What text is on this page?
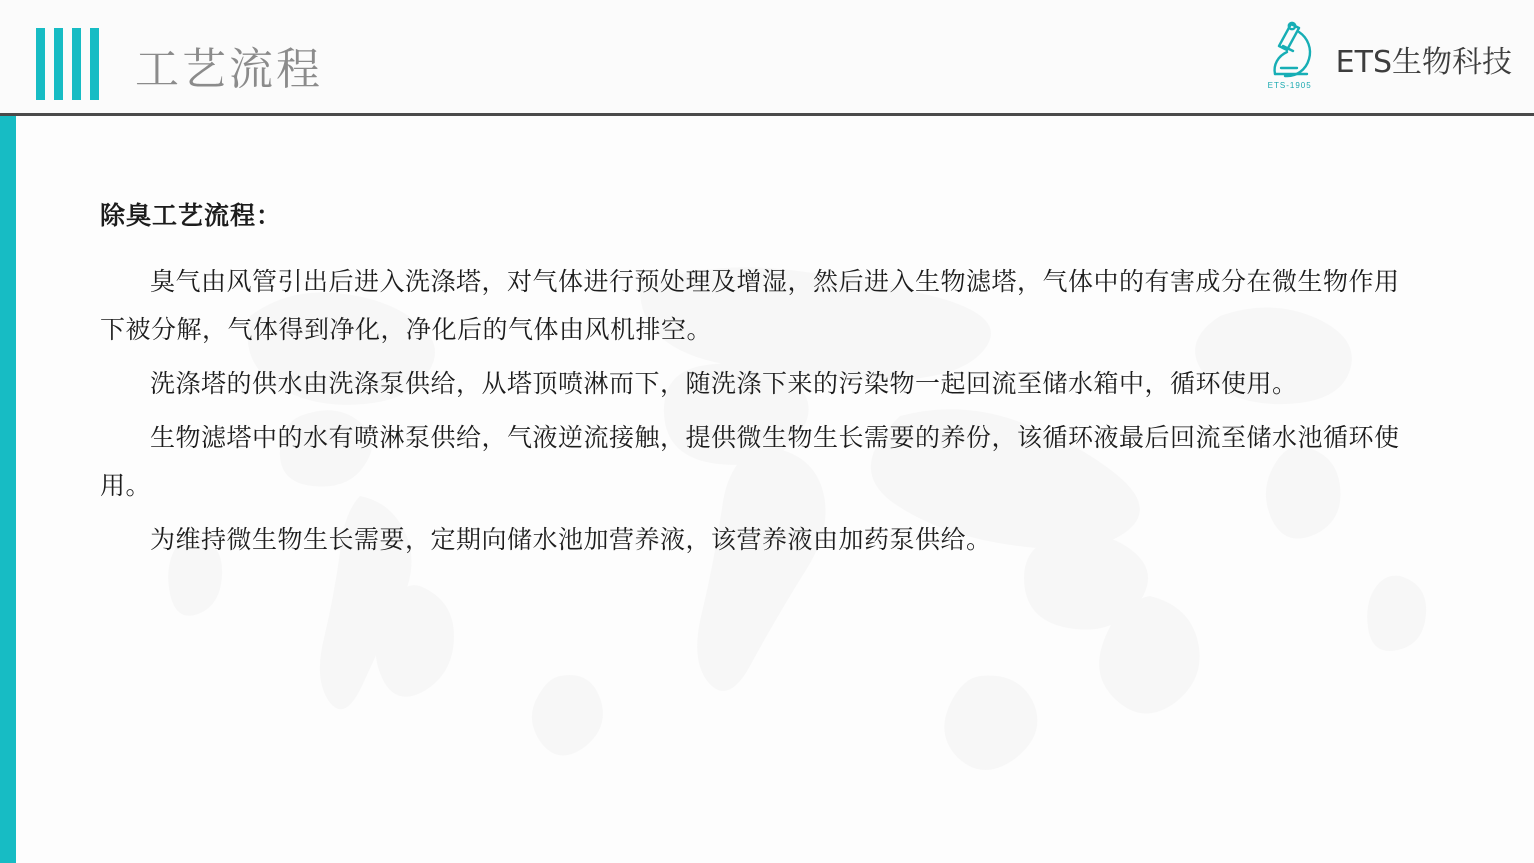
工艺流程	ETS-1905
ETS生物科技

除臭工艺流程：

臭气由风管引出后进入洗涤塔，对气体进行预处理及增湿，然后进入生物滤塔，气体中的有害成分在微生物作用下被分解，气体得到净化，净化后的气体由风机排空。

洗涤塔的供水由洗涤泵供给，从塔顶喷淋而下，随洗涤下来的污染物一起回流至储水箱中，循环使用。

生物滤塔中的水有喷淋泵供给，气液逆流接触，提供微生物生长需要的养份，该循环液最后回流至储水池循环使用。

为维持微生物生长需要，定期向储水池加营养液，该营养液由加药泵供给。
